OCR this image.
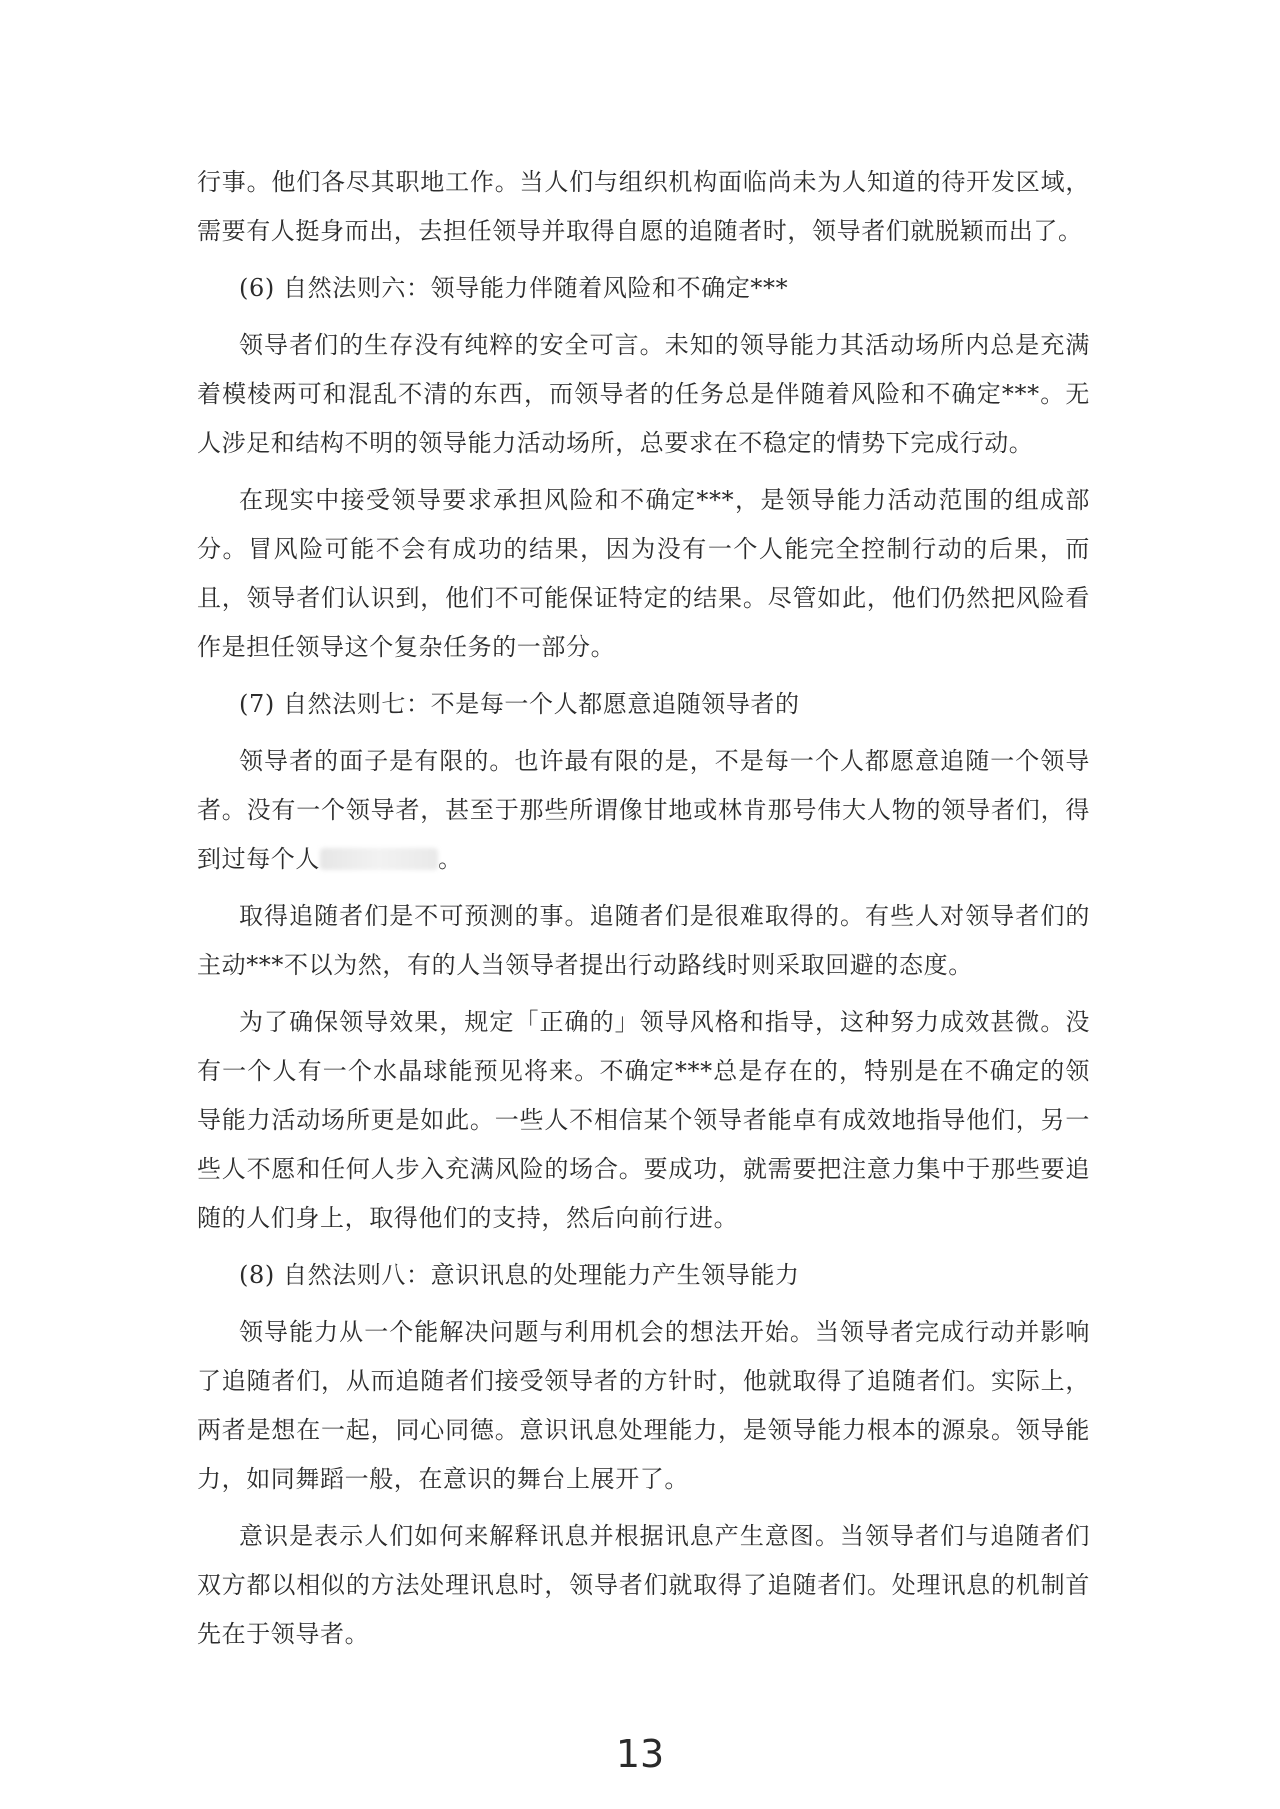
行事。他们各尽其职地工作。当人们与组织机构面临尚未为人知道的待开发区域，需要有人挺身而出，去担任领导并取得自愿的追随者时，领导者们就脱颖而出了。

(6) 自然法则六：领导能力伴随着风险和不确定***

领导者们的生存没有纯粹的安全可言。未知的领导能力其活动场所内总是充满着模棱两可和混乱不清的东西，而领导者的任务总是伴随着风险和不确定***。无人涉足和结构不明的领导能力活动场所，总要求在不稳定的情势下完成行动。

在现实中接受领导要求承担风险和不确定***，是领导能力活动范围的组成部分。冒风险可能不会有成功的结果，因为没有一个人能完全控制行动的后果，而且，领导者们认识到，他们不可能保证特定的结果。尽管如此，他们仍然把风险看作是担任领导这个复杂任务的一部分。

(7) 自然法则七：不是每一个人都愿意追随领导者的

领导者的面子是有限的。也许最有限的是，不是每一个人都愿意追随一个领导者。没有一个领导者，甚至于那些所谓像甘地或林肯那号伟大人物的领导者们，得到过每个人	。

取得追随者们是不可预测的事。追随者们是很难取得的。有些人对领导者们的主动***不以为然，有的人当领导者提出行动路线时则采取回避的态度。

为了确保领导效果，规定「正确的」领导风格和指导，这种努力成效甚微。没有一个人有一个水晶球能预见将来。不确定***总是存在的，特别是在不确定的领导能力活动场所更是如此。一些人不相信某个领导者能卓有成效地指导他们，另一些人不愿和任何人步入充满风险的场合。要成功，就需要把注意力集中于那些要追随的人们身上，取得他们的支持，然后向前行进。

(8) 自然法则八：意识讯息的处理能力产生领导能力

领导能力从一个能解决问题与利用机会的想法开始。当领导者完成行动并影响了追随者们，从而追随者们接受领导者的方针时，他就取得了追随者们。实际上，两者是想在一起，同心同德。意识讯息处理能力，是领导能力根本的源泉。领导能力，如同舞蹈一般，在意识的舞台上展开了。

意识是表示人们如何来解释讯息并根据讯息产生意图。当领导者们与追随者们双方都以相似的方法处理讯息时，领导者们就取得了追随者们。处理讯息的机制首先在于领导者。

13
